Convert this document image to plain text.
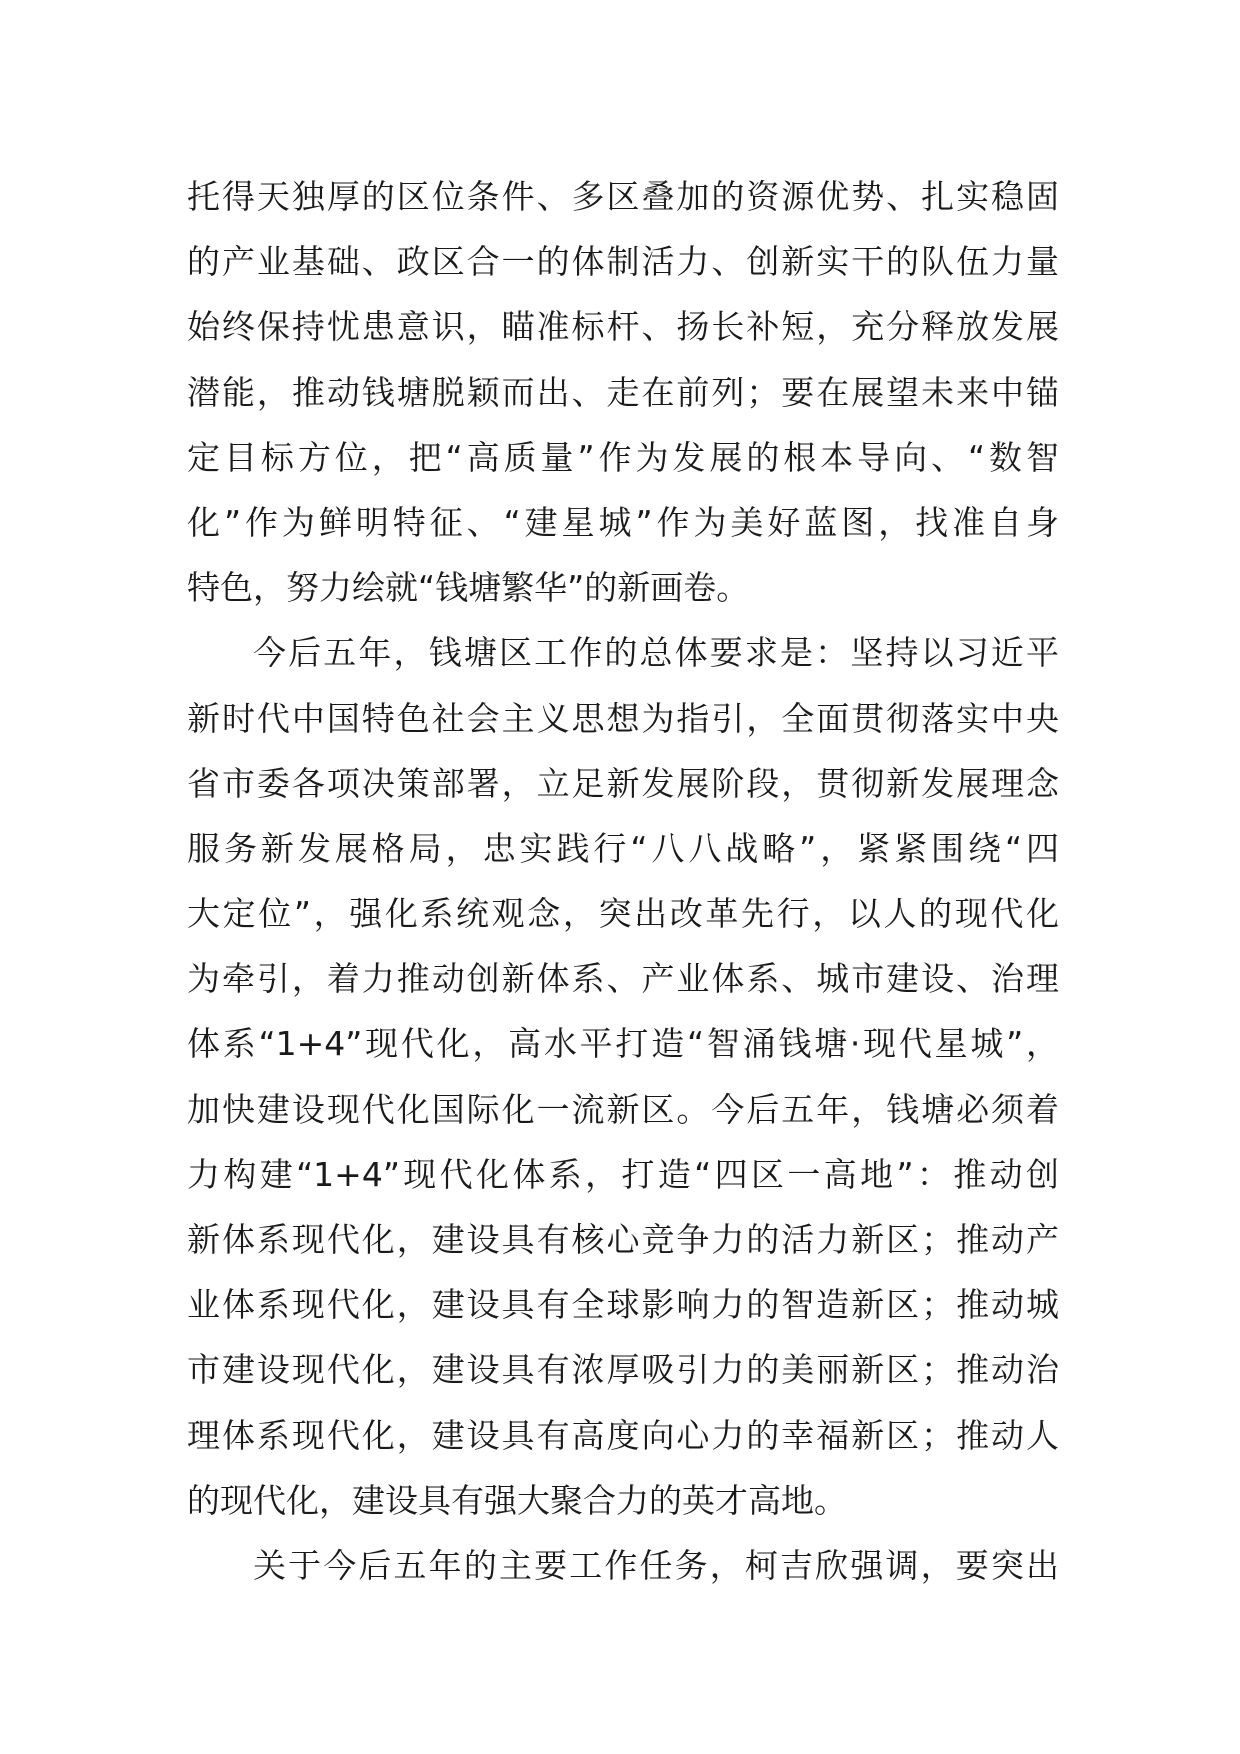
托得天独厚的区位条件、多区叠加的资源优势、扎实稳固
的产业基础、政区合一的体制活力、创新实干的队伍力量
始终保持忧患意识，瞄准标杆、扬长补短，充分释放发展
潜能，推动钱塘脱颖而出、走在前列；要在展望未来中锚
定目标方位，把“高质量”作为发展的根本导向、“数智
化”作为鲜明特征、“建星城”作为美好蓝图，找准自身
特色，努力绘就“钱塘繁华”的新画卷。
今后五年，钱塘区工作的总体要求是：坚持以习近平
新时代中国特色社会主义思想为指引，全面贯彻落实中央
省市委各项决策部署，立足新发展阶段，贯彻新发展理念
服务新发展格局，忠实践行“八八战略”，紧紧围绕“四
大定位”，强化系统观念，突出改革先行，以人的现代化
为牵引，着力推动创新体系、产业体系、城市建设、治理
体系“1+4”现代化，高水平打造“智涌钱塘·现代星城”，
加快建设现代化国际化一流新区。今后五年，钱塘必须着
力构建“1+4”现代化体系，打造“四区一高地”：推动创
新体系现代化，建设具有核心竞争力的活力新区；推动产
业体系现代化，建设具有全球影响力的智造新区；推动城
市建设现代化，建设具有浓厚吸引力的美丽新区；推动治
理体系现代化，建设具有高度向心力的幸福新区；推动人
的现代化，建设具有强大聚合力的英才高地。
关于今后五年的主要工作任务，柯吉欣强调，要突出
